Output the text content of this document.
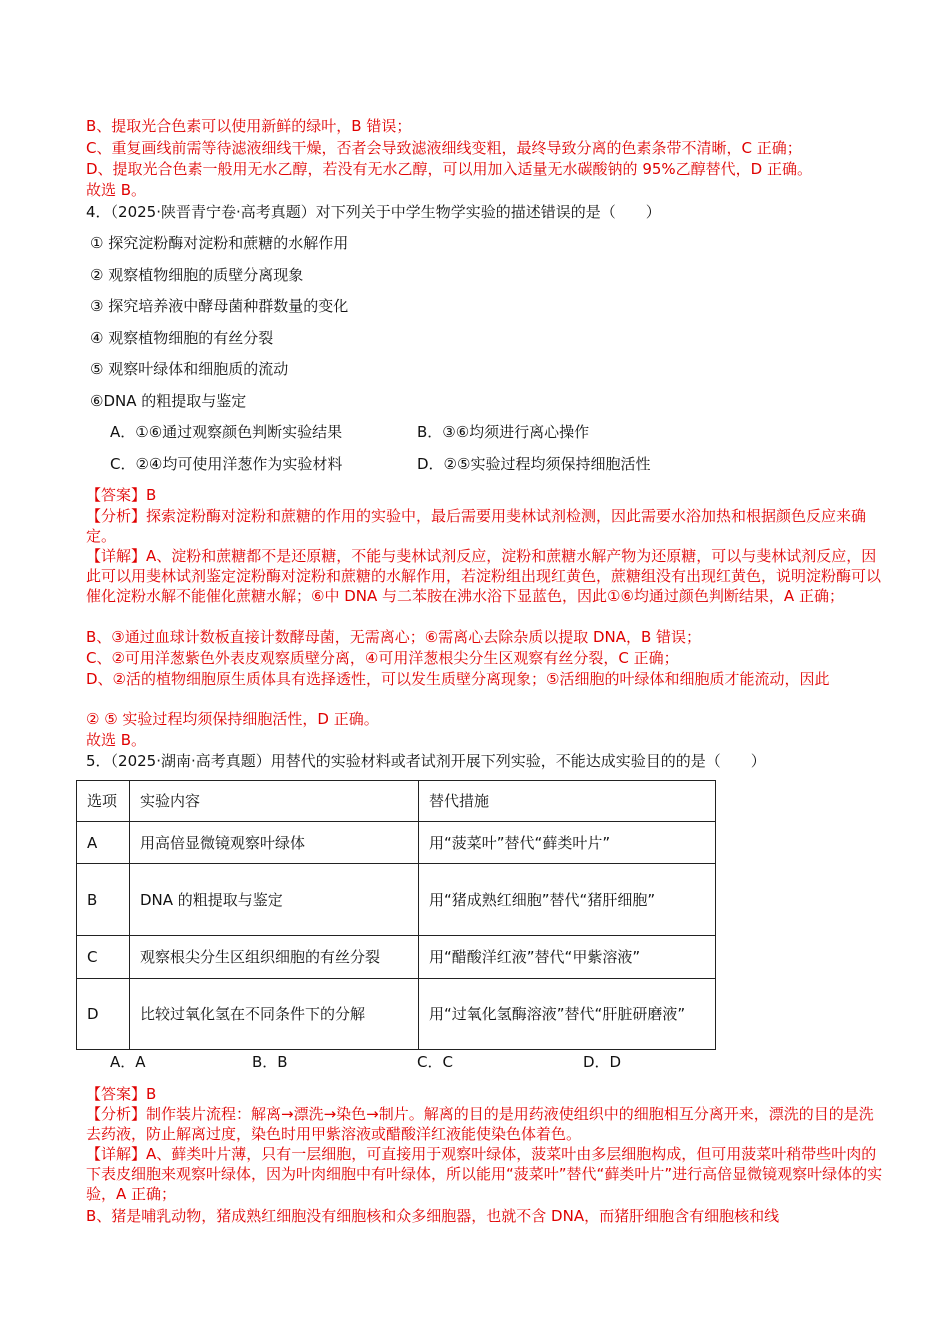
B、提取光合色素可以使用新鲜的绿叶，B 错误；
C、重复画线前需等待滤液细线干燥，否者会导致滤液细线变粗，最终导致分离的色素条带不清晰，C 正确；
D、提取光合色素一般用无水乙醇，若没有无水乙醇，可以用加入适量无水碳酸钠的 95%乙醇替代，D 正确。
故选 B。
4．（2025·陕晋青宁卷·高考真题）对下列关于中学生物学实验的描述错误的是（　　）
① 探究淀粉酶对淀粉和蔗糖的水解作用
② 观察植物细胞的质壁分离现象
③ 探究培养液中酵母菌种群数量的变化
④ 观察植物细胞的有丝分裂
⑤ 观察叶绿体和细胞质的流动
⑥DNA 的粗提取与鉴定
A．①⑥通过观察颜色判断实验结果	B．③⑥均须进行离心操作
C．②④均可使用洋葱作为实验材料	D．②⑤实验过程均须保持细胞活性
【答案】B
【分析】探索淀粉酶对淀粉和蔗糖的作用的实验中，最后需要用斐林试剂检测，因此需要水浴加热和根据颜色反应来确定。
【详解】A、淀粉和蔗糖都不是还原糖，不能与斐林试剂反应，淀粉和蔗糖水解产物为还原糖，可以与斐林试剂反应，因此可以用斐林试剂鉴定淀粉酶对淀粉和蔗糖的水解作用，若淀粉组出现红黄色，蔗糖组没有出现红黄色，说明淀粉酶可以催化淀粉水解不能催化蔗糖水解；⑥中 DNA 与二苯胺在沸水浴下显蓝色，因此①⑥均通过颜色判断结果，A 正确；
B、③通过血球计数板直接计数酵母菌，无需离心；⑥需离心去除杂质以提取 DNA，B 错误；
C、②可用洋葱紫色外表皮观察质壁分离，④可用洋葱根尖分生区观察有丝分裂，C 正确；
D、②活的植物细胞原生质体具有选择透性，可以发生质壁分离现象；⑤活细胞的叶绿体和细胞质才能流动，因此
② ⑤ 实验过程均须保持细胞活性，D 正确。
故选 B。
5．（2025·湖南·高考真题）用替代的实验材料或者试剂开展下列实验，不能达成实验目的的是（　　）
选项	实验内容	替代措施
A	用高倍显微镜观察叶绿体	用“菠菜叶”替代“藓类叶片”
B	DNA 的粗提取与鉴定	用“猪成熟红细胞”替代“猪肝细胞”
C	观察根尖分生区组织细胞的有丝分裂	用“醋酸洋红液”替代“甲紫溶液”
D	比较过氧化氢在不同条件下的分解	用“过氧化氢酶溶液”替代“肝脏研磨液”
A．A	B．B	C．C	D．D
【答案】B
【分析】制作装片流程：解离→漂洗→染色→制片。解离的目的是用药液使组织中的细胞相互分离开来，漂洗的目的是洗去药液，防止解离过度，染色时用甲紫溶液或醋酸洋红液能使染色体着色。
【详解】A、藓类叶片薄，只有一层细胞，可直接用于观察叶绿体，菠菜叶由多层细胞构成，但可用菠菜叶稍带些叶肉的下表皮细胞来观察叶绿体，因为叶肉细胞中有叶绿体，所以能用“菠菜叶”替代“藓类叶片”进行高倍显微镜观察叶绿体的实验，A 正确；
B、猪是哺乳动物，猪成熟红细胞没有细胞核和众多细胞器，也就不含 DNA，而猪肝细胞含有细胞核和线
